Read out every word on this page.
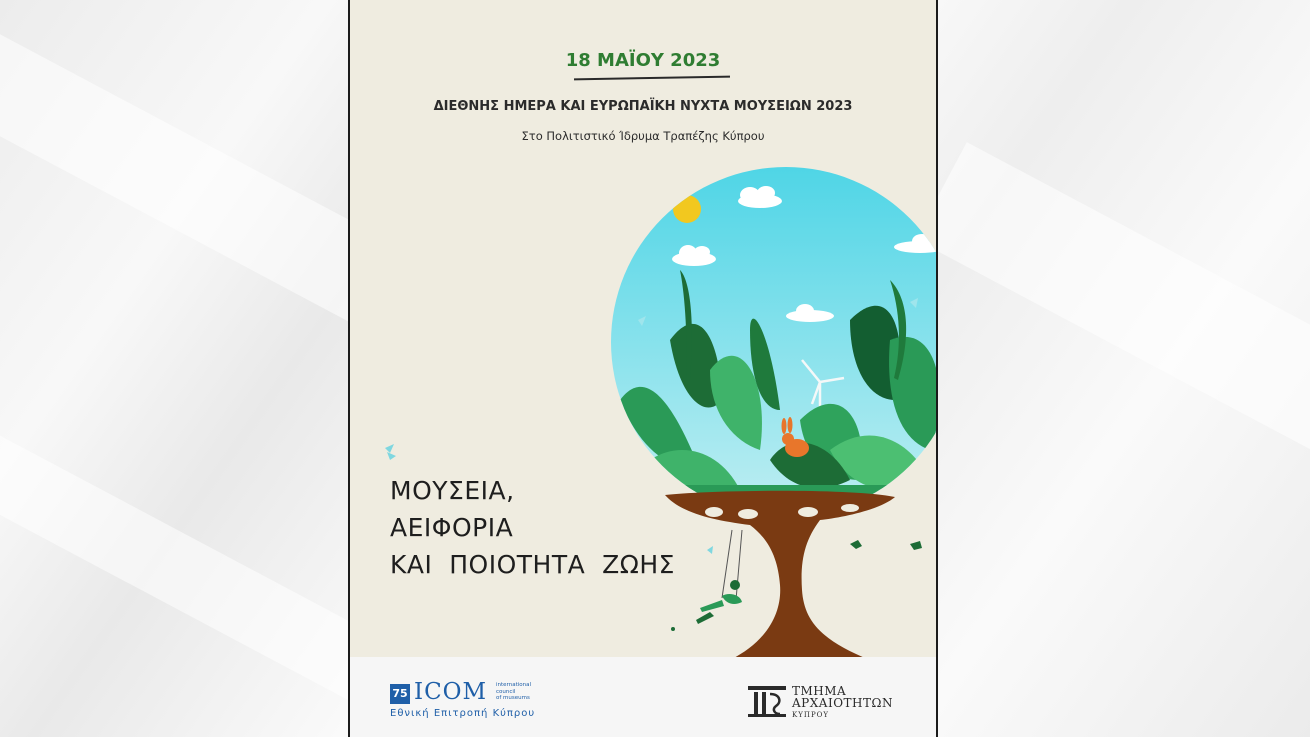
18 ΜΑΪΟΥ 2023
ΔΙΕΘΝΗΣ ΗΜΕΡΑ ΚΑΙ ΕΥΡΩΠΑΪΚΗ ΝΥΧΤΑ ΜΟΥΣΕΙΩΝ 2023
Στο Πολιτιστικό Ίδρυμα Τραπέζης Κύπρου
ΜΟΥΣΕΙΑ,
ΑΕΙΦΟΡΙΑ
ΚΑΙ  ΠΟΙΟΤΗΤΑ  ΖΩΗΣ
75 ICOM international
council
of museums
Εθνική Επιτροπή Κύπρου
ΤΜΗΜΑ
ΑΡΧΑΙΟΤΗΤΩΝ
ΚΥΠΡΟΥ
